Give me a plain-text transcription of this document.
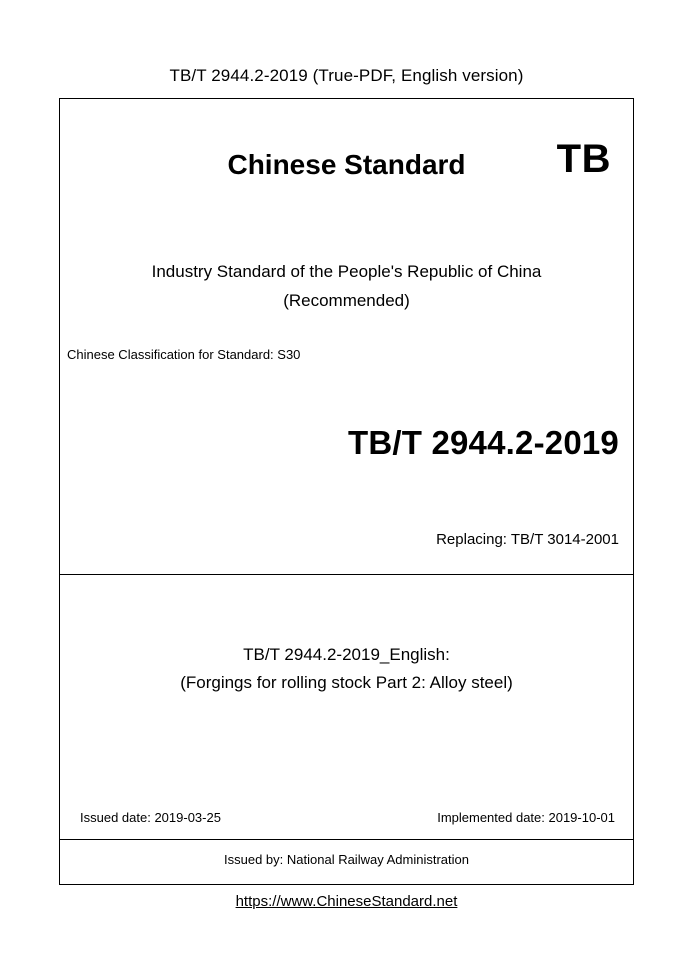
TB/T 2944.2-2019 (True-PDF, English version)
Chinese Standard	TB
Industry Standard of the People's Republic of China
(Recommended)
Chinese Classification for Standard: S30
TB/T 2944.2-2019
Replacing: TB/T 3014-2001
TB/T 2944.2-2019_English:
(Forgings for rolling stock Part 2: Alloy steel)
Issued date: 2019-03-25	Implemented date: 2019-10-01
Issued by: National Railway Administration
https://www.ChineseStandard.net
